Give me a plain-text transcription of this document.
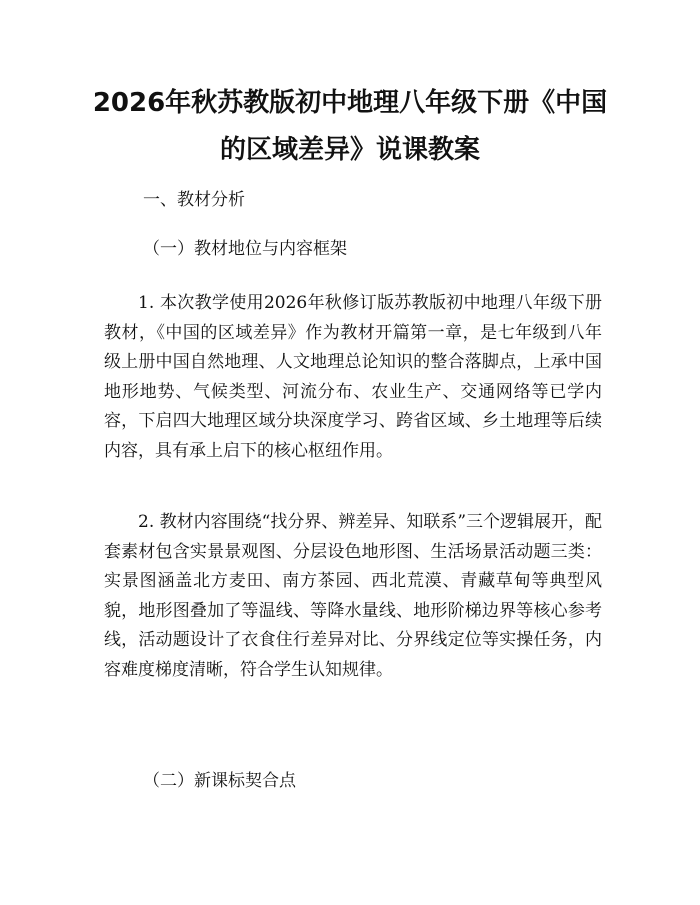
2026年秋苏教版初中地理八年级下册《中国
的区域差异》说课教案

一、教材分析

（一）教材地位与内容框架

1. 本次教学使用2026年秋修订版苏教版初中地理八年级下册教材，《中国的区域差异》作为教材开篇第一章，是七年级到八年级上册中国自然地理、人文地理总论知识的整合落脚点，上承中国地形地势、气候类型、河流分布、农业生产、交通网络等已学内容，下启四大地理区域分块深度学习、跨省区域、乡土地理等后续内容，具有承上启下的核心枢纽作用。

2. 教材内容围绕“找分界、辨差异、知联系”三个逻辑展开，配套素材包含实景景观图、分层设色地形图、生活场景活动题三类：实景图涵盖北方麦田、南方茶园、西北荒漠、青藏草甸等典型风貌，地形图叠加了等温线、等降水量线、地形阶梯边界等核心参考线，活动题设计了衣食住行差异对比、分界线定位等实操任务，内容难度梯度清晰，符合学生认知规律。

（二）新课标契合点
